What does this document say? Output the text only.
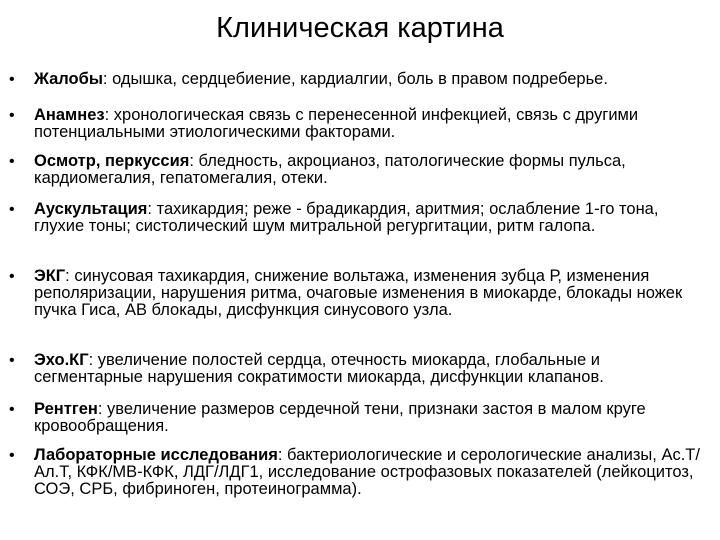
Клиническая картина
• Жалобы: одышка, сердцебиение, кардиалгии, боль в правом подреберье.
• Анамнез: хронологическая связь с перенесенной инфекцией, связь с другими потенциальными этиологическими факторами.
• Осмотр, перкуссия: бледность, акроцианоз, патологические формы пульса, кардиомегалия, гепатомегалия, отеки.
• Аускультация: тахикардия; реже - брадикардия, аритмия; ослабление 1-го тона, глухие тоны; систолический шум митральной регургитации, ритм галопа.
• ЭКГ: синусовая тахикардия, снижение вольтажа, изменения зубца Р, изменения реполяризации, нарушения ритма, очаговые изменения в миокарде, блокады ножек пучка Гиса, АВ блокады, дисфункция синусового узла.
• Эхо.КГ: увеличение полостей сердца, отечность миокарда, глобальные и сегментарные нарушения сократимости миокарда, дисфункции клапанов.
• Рентген: увеличение размеров сердечной тени, признаки застоя в малом круге кровообращения.
• Лабораторные исследования: бактериологические и серологические анализы, Ас.Т/Ал.Т, КФК/МВ-КФК, ЛДГ/ЛДГ1, исследование острофазовых показателей (лейкоцитоз, СОЭ, СРБ, фибриноген, протеинограмма).
